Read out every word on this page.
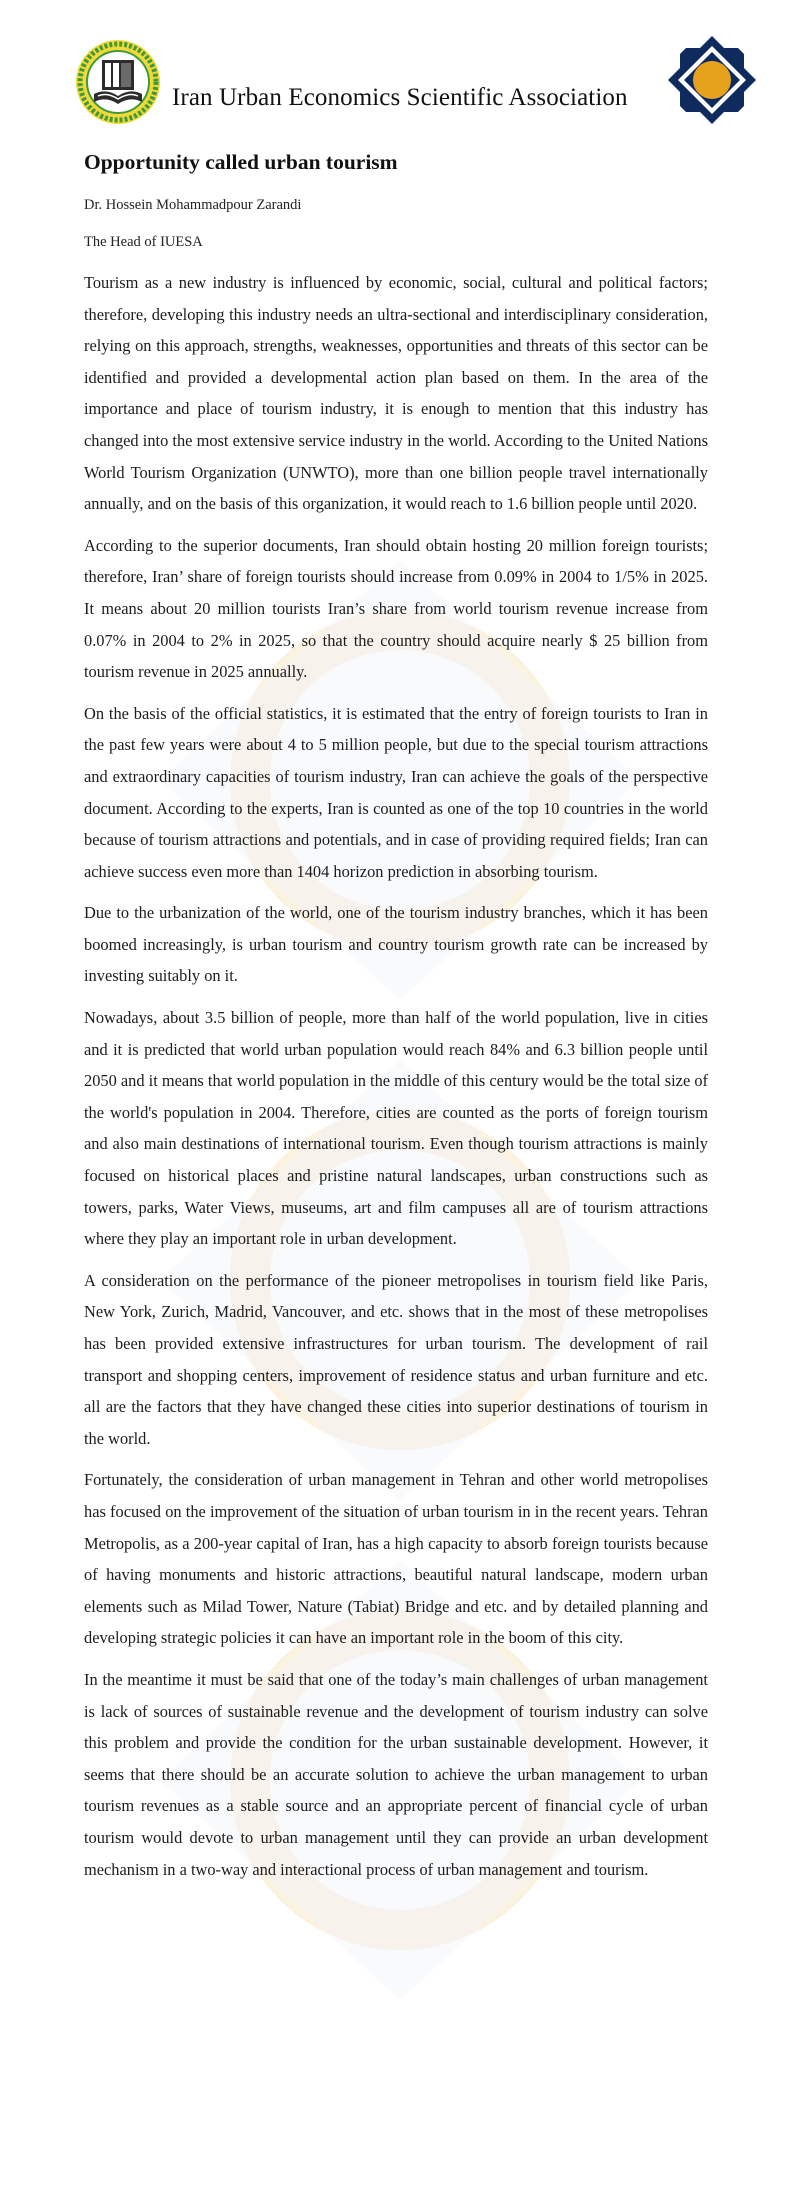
Iran Urban Economics Scientific Association
Opportunity called urban tourism

Dr. Hossein Mohammadpour Zarandi

The Head of IUESA

Tourism as a new industry is influenced by economic, social, cultural and political factors; therefore, developing this industry needs an ultra-sectional and interdisciplinary consideration, relying on this approach, strengths, weaknesses, opportunities and threats of this sector can be identified and provided a developmental action plan based on them. In the area of the importance and place of tourism industry, it is enough to mention that this industry has changed into the most extensive service industry in the world. According to the United Nations World Tourism Organization (UNWTO), more than one billion people travel internationally annually, and on the basis of this organization, it would reach to 1.6 billion people until 2020.

According to the superior documents, Iran should obtain hosting 20 million foreign tourists; therefore, Iran’ share of foreign tourists should increase from 0.09% in 2004 to 1/5% in 2025. It means about 20 million tourists Iran’s share from world tourism revenue increase from 0.07% in 2004 to 2% in 2025, so that the country should acquire nearly $ 25 billion from tourism revenue in 2025 annually.

On the basis of the official statistics, it is estimated that the entry of foreign tourists to Iran in the past few years were about 4 to 5 million people, but due to the special tourism attractions and extraordinary capacities of tourism industry, Iran can achieve the goals of the perspective document. According to the experts, Iran is counted as one of the top 10 countries in the world because of tourism attractions and potentials, and in case of providing required fields; Iran can achieve success even more than 1404 horizon prediction in absorbing tourism.

Due to the urbanization of the world, one of the tourism industry branches, which it has been boomed increasingly, is urban tourism and country tourism growth rate can be increased by investing suitably on it.

Nowadays, about 3.5 billion of people, more than half of the world population, live in cities and it is predicted that world urban population would reach 84% and 6.3 billion people until 2050 and it means that world population in the middle of this century would be the total size of the world's population in 2004. Therefore, cities are counted as the ports of foreign tourism and also main destinations of international tourism. Even though tourism attractions is mainly focused on historical places and pristine natural landscapes, urban constructions such as towers, parks, Water Views, museums, art and film campuses all are of tourism attractions where they play an important role in urban development.

A consideration on the performance of the pioneer metropolises in tourism field like Paris, New York, Zurich, Madrid, Vancouver, and etc. shows that in the most of these metropolises has been provided extensive infrastructures for urban tourism. The development of rail transport and shopping centers, improvement of residence status and urban furniture and etc. all are the factors that they have changed these cities into superior destinations of tourism in the world.

Fortunately, the consideration of urban management in Tehran and other world metropolises has focused on the improvement of the situation of urban tourism in in the recent years. Tehran Metropolis, as a 200-year capital of Iran, has a high capacity to absorb foreign tourists because of having monuments and historic attractions, beautiful natural landscape, modern urban elements such as Milad Tower, Nature (Tabiat) Bridge and etc. and by detailed planning and developing strategic policies it can have an important role in the boom of this city.

In the meantime it must be said that one of the today’s main challenges of urban management is lack of sources of sustainable revenue and the development of tourism industry can solve this problem and provide the condition for the urban sustainable development. However, it seems that there should be an accurate solution to achieve the urban management to urban tourism revenues as a stable source and an appropriate percent of financial cycle of urban tourism would devote to urban management until they can provide an urban development mechanism in a two-way and interactional process of urban management and tourism.
